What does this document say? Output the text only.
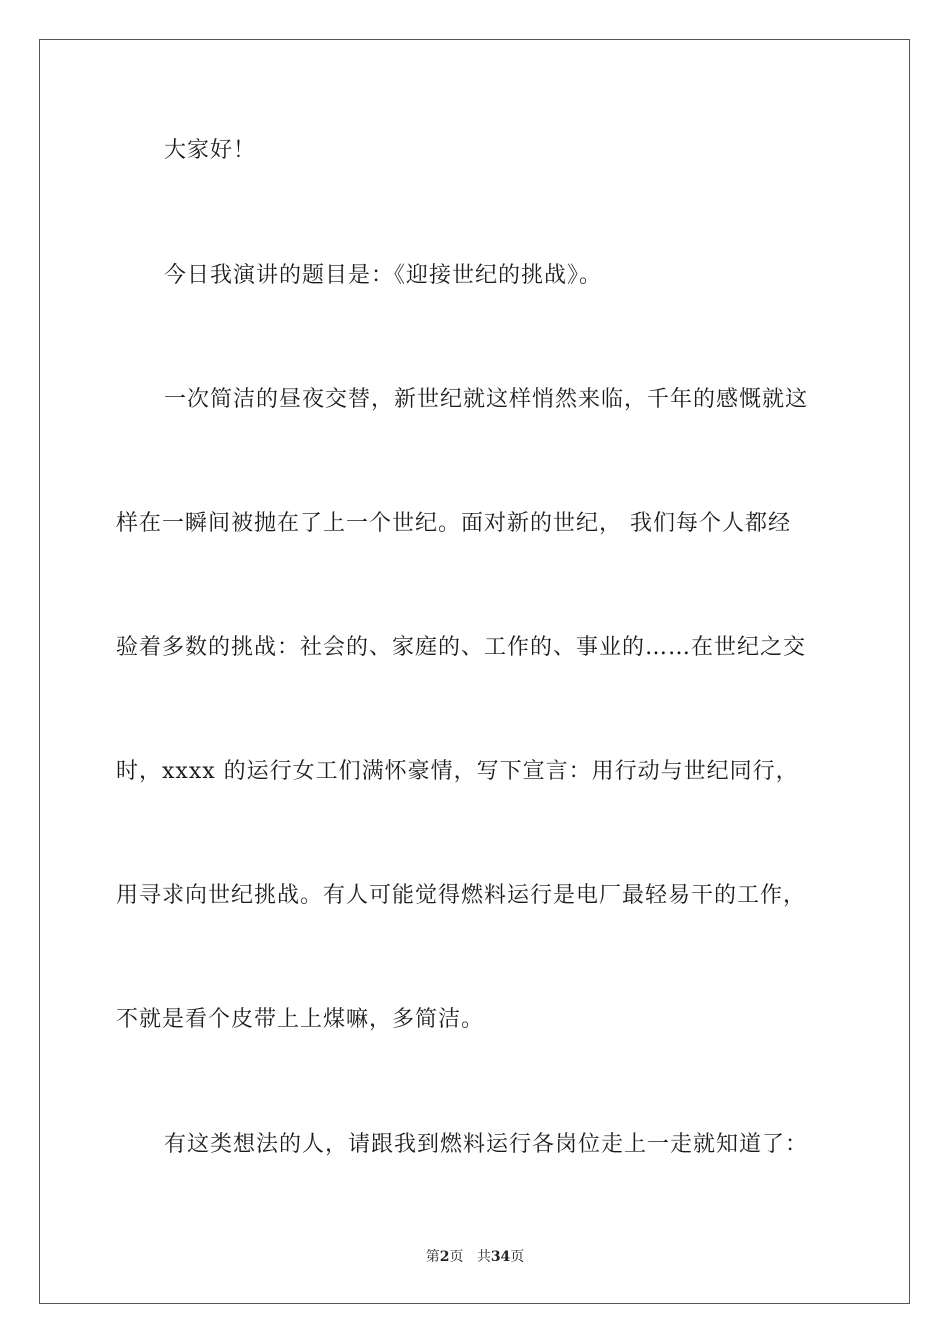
大家好！
今日我演讲的题目是：《迎接世纪的挑战》。
一次简洁的昼夜交替，新世纪就这样悄然来临，千年的感慨就这
样在一瞬间被抛在了上一个世纪。面对新的世纪， 我们每个人都经
验着多数的挑战：社会的、家庭的、工作的、事业的……在世纪之交
时，xxxx 的运行女工们满怀豪情，写下宣言：用行动与世纪同行，
用寻求向世纪挑战。有人可能觉得燃料运行是电厂最轻易干的工作，
不就是看个皮带上上煤嘛，多简洁。
有这类想法的人，请跟我到燃料运行各岗位走上一走就知道了：
第2页 共34页
